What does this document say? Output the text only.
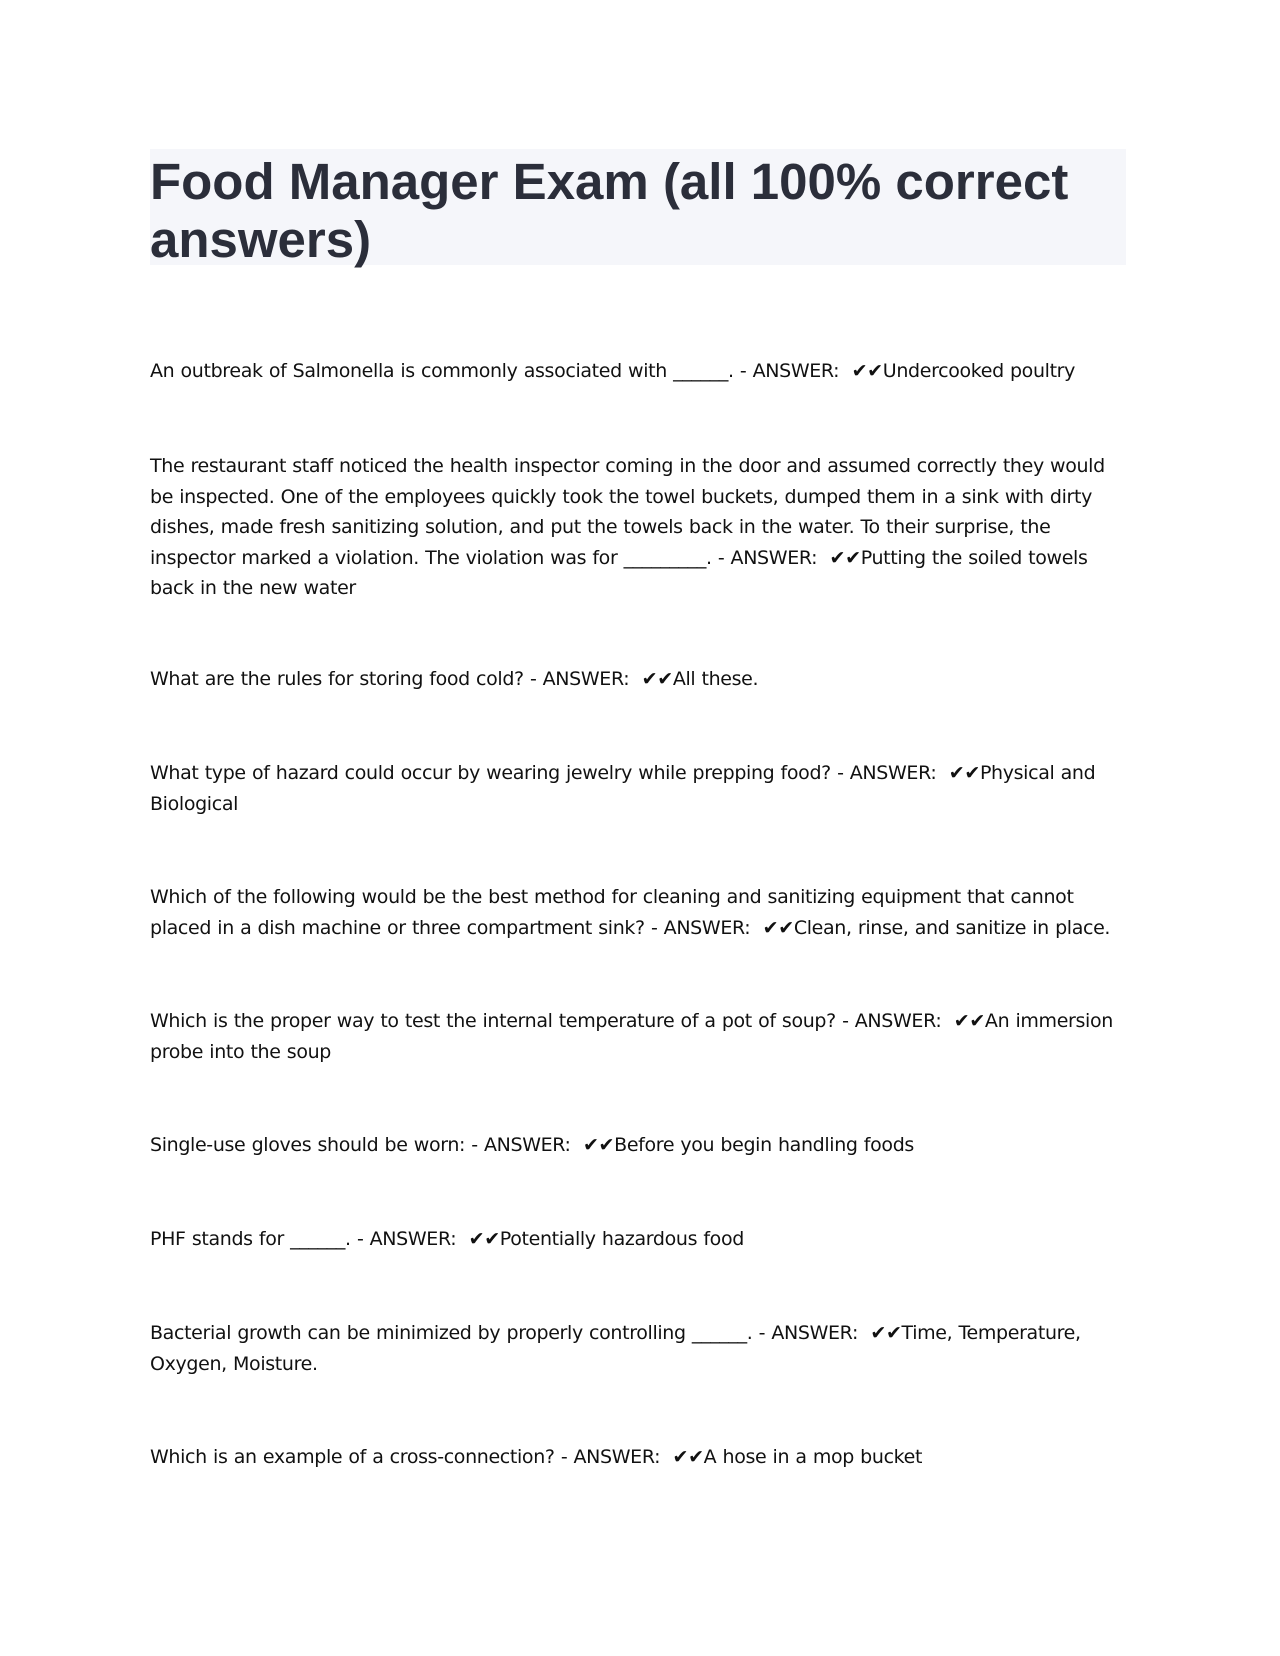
Food Manager Exam (all 100% correct answers)

An outbreak of Salmonella is commonly associated with ______. - ANSWER:  ✔✔Undercooked poultry

The restaurant staff noticed the health inspector coming in the door and assumed correctly they would be inspected. One of the employees quickly took the towel buckets, dumped them in a sink with dirty dishes, made fresh sanitizing solution, and put the towels back in the water. To their surprise, the inspector marked a violation. The violation was for _________. - ANSWER:  ✔✔Putting the soiled towels back in the new water

What are the rules for storing food cold? - ANSWER:  ✔✔All these.

What type of hazard could occur by wearing jewelry while prepping food? - ANSWER:  ✔✔Physical and Biological

Which of the following would be the best method for cleaning and sanitizing equipment that cannot placed in a dish machine or three compartment sink? - ANSWER:  ✔✔Clean, rinse, and sanitize in place.

Which is the proper way to test the internal temperature of a pot of soup? - ANSWER:  ✔✔An immersion probe into the soup

Single-use gloves should be worn: - ANSWER:  ✔✔Before you begin handling foods

PHF stands for ______. - ANSWER:  ✔✔Potentially hazardous food

Bacterial growth can be minimized by properly controlling ______. - ANSWER:  ✔✔Time, Temperature, Oxygen, Moisture.

Which is an example of a cross-connection? - ANSWER:  ✔✔A hose in a mop bucket
